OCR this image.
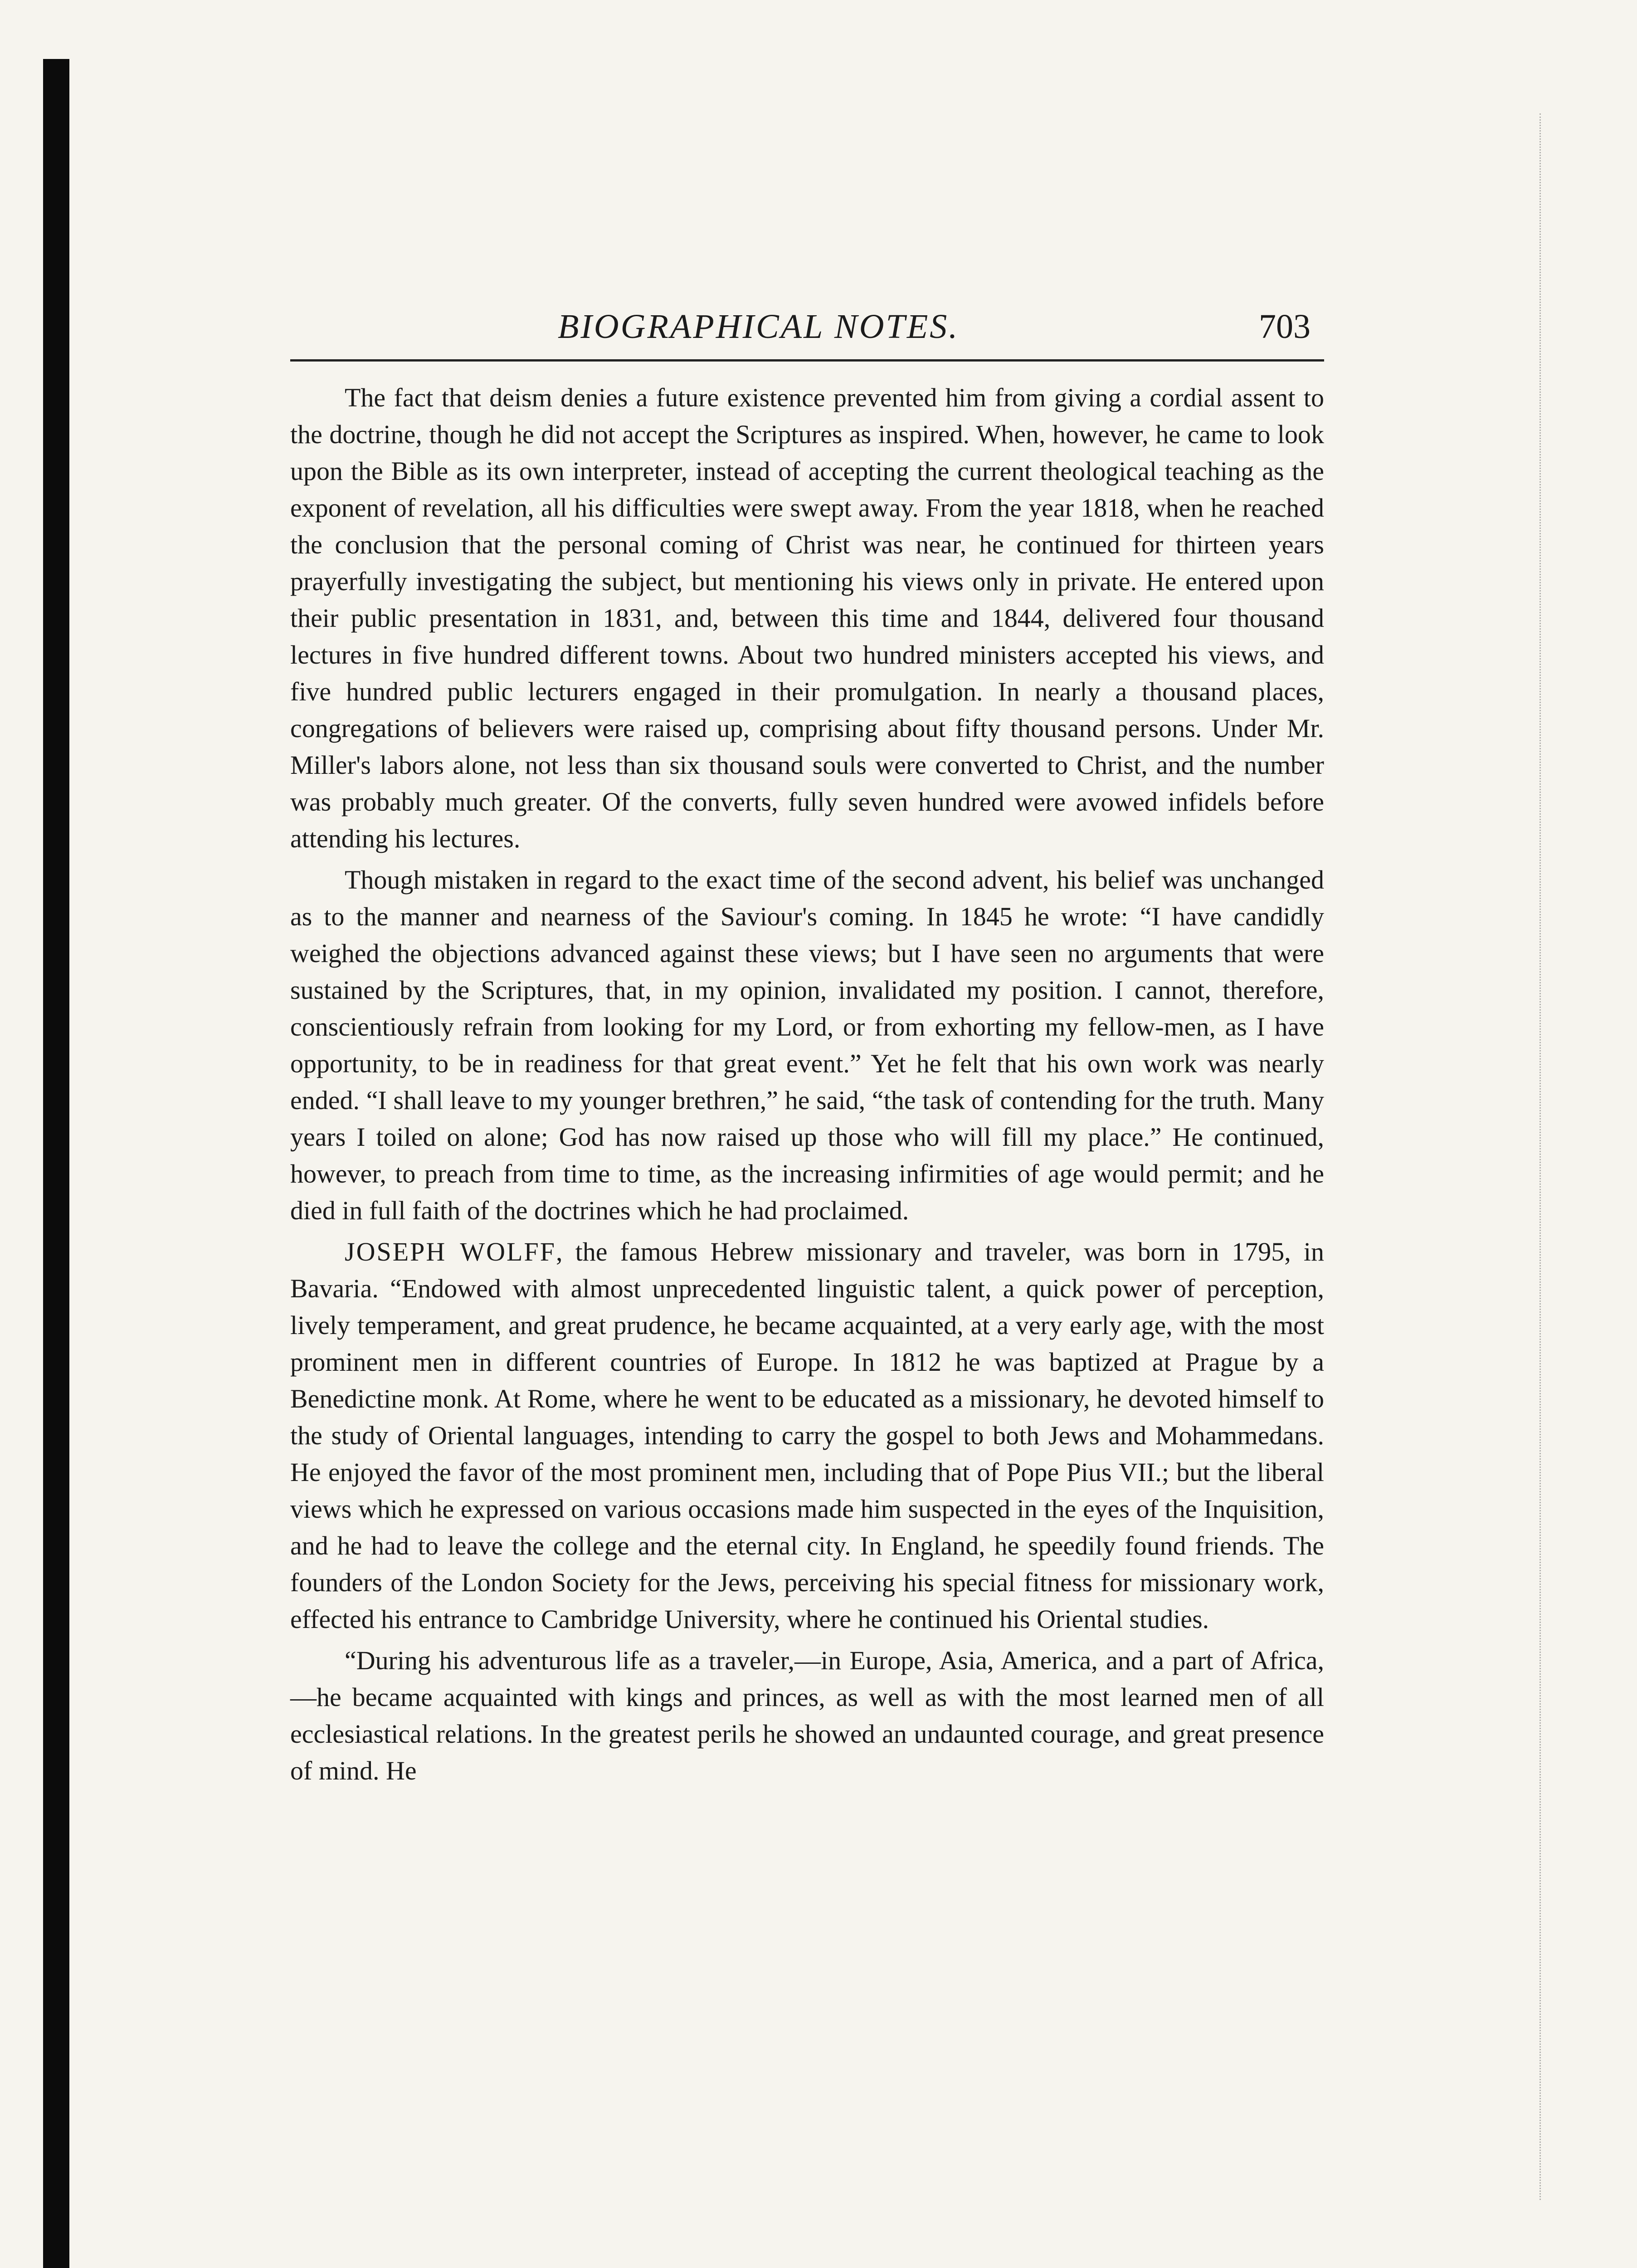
BIOGRAPHICAL NOTES.	703

The fact that deism denies a future existence prevented him from giving a cordial assent to the doctrine, though he did not accept the Scriptures as inspired. When, however, he came to look upon the Bible as its own interpreter, instead of accepting the current theological teaching as the exponent of revelation, all his difficulties were swept away. From the year 1818, when he reached the conclusion that the personal coming of Christ was near, he continued for thirteen years prayerfully investigating the subject, but mentioning his views only in private. He entered upon their public presentation in 1831, and, between this time and 1844, delivered four thousand lectures in five hundred different towns. About two hundred ministers accepted his views, and five hundred public lecturers engaged in their promulgation. In nearly a thousand places, congregations of believers were raised up, comprising about fifty thousand persons. Under Mr. Miller's labors alone, not less than six thousand souls were converted to Christ, and the number was probably much greater. Of the converts, fully seven hundred were avowed infidels before attending his lectures.

Though mistaken in regard to the exact time of the second advent, his belief was unchanged as to the manner and nearness of the Saviour's coming. In 1845 he wrote: “I have candidly weighed the objections advanced against these views; but I have seen no arguments that were sustained by the Scriptures, that, in my opinion, invalidated my position. I cannot, therefore, conscientiously refrain from looking for my Lord, or from exhorting my fellow-men, as I have opportunity, to be in readiness for that great event.” Yet he felt that his own work was nearly ended. “I shall leave to my younger brethren,” he said, “the task of contending for the truth. Many years I toiled on alone; God has now raised up those who will fill my place.” He continued, however, to preach from time to time, as the increasing infirmities of age would permit; and he died in full faith of the doctrines which he had proclaimed.

JOSEPH WOLFF, the famous Hebrew missionary and traveler, was born in 1795, in Bavaria. “Endowed with almost unprecedented linguistic talent, a quick power of perception, lively temperament, and great prudence, he became acquainted, at a very early age, with the most prominent men in different countries of Europe. In 1812 he was baptized at Prague by a Benedictine monk. At Rome, where he went to be educated as a missionary, he devoted himself to the study of Oriental languages, intending to carry the gospel to both Jews and Mohammedans. He enjoyed the favor of the most prominent men, including that of Pope Pius VII.; but the liberal views which he expressed on various occasions made him suspected in the eyes of the Inquisition, and he had to leave the college and the eternal city. In England, he speedily found friends. The founders of the London Society for the Jews, perceiving his special fitness for missionary work, effected his entrance to Cambridge University, where he continued his Oriental studies.

“During his adventurous life as a traveler,—in Europe, Asia, America, and a part of Africa,—he became acquainted with kings and princes, as well as with the most learned men of all ecclesiastical relations. In the greatest perils he showed an undaunted courage, and great presence of mind. He
